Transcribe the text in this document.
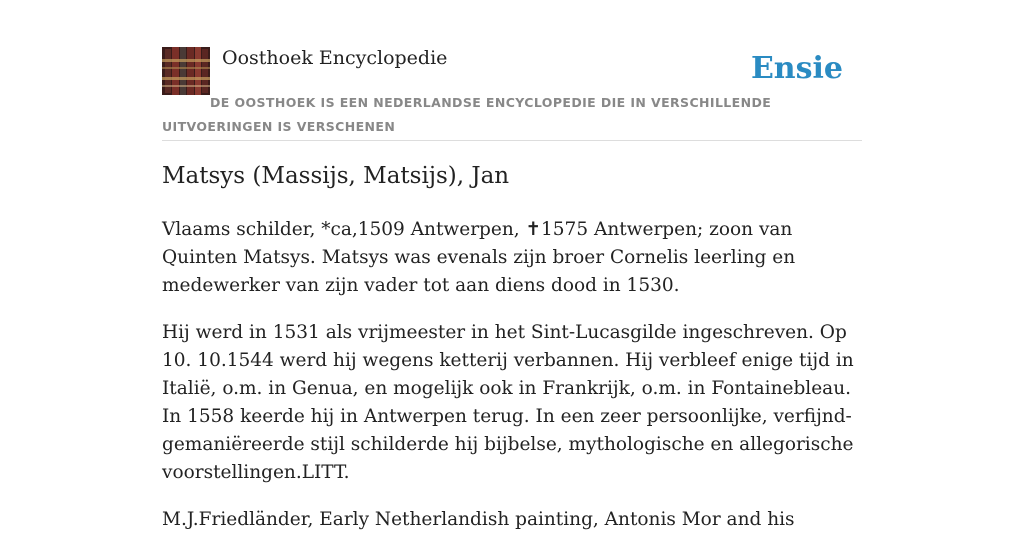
Oosthoek Encyclopedie	Ensie
DE OOSTHOEK IS EEN NEDERLANDSE ENCYCLOPEDIE DIE IN VERSCHILLENDE UITVOERINGEN IS VERSCHENEN
Matsys (Massijs, Matsijs), Jan

Vlaams schilder, *ca,1509 Antwerpen, ✝1575 Antwerpen; zoon van Quinten Matsys. Matsys was evenals zijn broer Cornelis leerling en medewerker van zijn vader tot aan diens dood in 1530.

Hij werd in 1531 als vrijmeester in het Sint-Lucasgilde ingeschreven. Op 10. 10.1544 werd hij wegens ketterij verbannen. Hij verbleef enige tijd in Italië, o.m. in Genua, en mogelijk ook in Frankrijk, o.m. in Fontainebleau. In 1558 keerde hij in Antwerpen terug. In een zeer persoonlijke, verfijnd-gemaniëreerde stijl schilderde hij bijbelse, mythologische en allegorische voorstellingen.LITT.

M.J.Friedländer, Early Netherlandish painting, Antonis Mor and his
